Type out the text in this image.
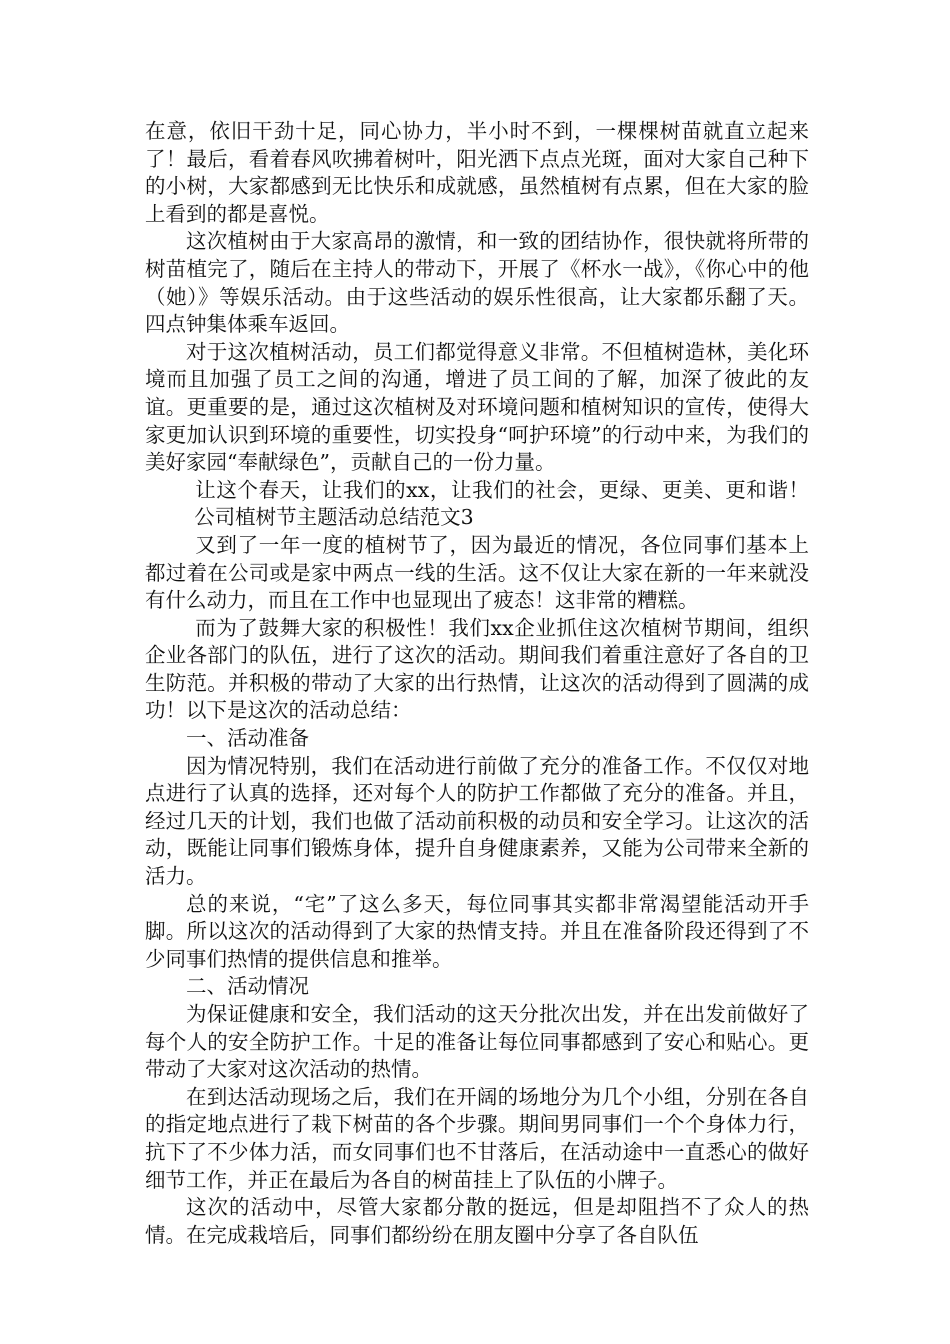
在意，依旧干劲十足，同心协力，半小时不到，一棵棵树苗就直立起来了！最后，看着春风吹拂着树叶，阳光洒下点点光斑，面对大家自己种下的小树，大家都感到无比快乐和成就感，虽然植树有点累，但在大家的脸上看到的都是喜悦。

这次植树由于大家高昂的激情，和一致的团结协作，很快就将所带的树苗植完了，随后在主持人的带动下，开展了《杯水一战》，《你心中的他（她）》等娱乐活动。由于这些活动的娱乐性很高，让大家都乐翻了天。四点钟集体乘车返回。

对于这次植树活动，员工们都觉得意义非常。不但植树造林，美化环境而且加强了员工之间的沟通，增进了员工间的了解，加深了彼此的友谊。更重要的是，通过这次植树及对环境问题和植树知识的宣传，使得大家更加认识到环境的重要性，切实投身“呵护环境”的行动中来，为我们的美好家园“奉献绿色”，贡献自己的一份力量。

让这个春天，让我们的xx，让我们的社会，更绿、更美、更和谐！公司植树节主题活动总结范文3

又到了一年一度的植树节了，因为最近的情况，各位同事们基本上都过着在公司或是家中两点一线的生活。这不仅让大家在新的一年来就没有什么动力，而且在工作中也显现出了疲态！这非常的糟糕。

而为了鼓舞大家的积极性！我们xx企业抓住这次植树节期间，组织企业各部门的队伍，进行了这次的活动。期间我们着重注意好了各自的卫生防范。并积极的带动了大家的出行热情，让这次的活动得到了圆满的成功！以下是这次的活动总结：

一、活动准备

因为情况特别，我们在活动进行前做了充分的准备工作。不仅仅对地点进行了认真的选择，还对每个人的防护工作都做了充分的准备。并且，经过几天的计划，我们也做了活动前积极的动员和安全学习。让这次的活动，既能让同事们锻炼身体，提升自身健康素养，又能为公司带来全新的活力。

总的来说，“宅”了这么多天，每位同事其实都非常渴望能活动开手脚。所以这次的活动得到了大家的热情支持。并且在准备阶段还得到了不少同事们热情的提供信息和推举。

二、活动情况

为保证健康和安全，我们活动的这天分批次出发，并在出发前做好了每个人的安全防护工作。十足的准备让每位同事都感到了安心和贴心。更带动了大家对这次活动的热情。

在到达活动现场之后，我们在开阔的场地分为几个小组，分别在各自的指定地点进行了栽下树苗的各个步骤。期间男同事们一个个身体力行，抗下了不少体力活，而女同事们也不甘落后，在活动途中一直悉心的做好细节工作，并正在最后为各自的树苗挂上了队伍的小牌子。

这次的活动中，尽管大家都分散的挺远，但是却阻挡不了众人的热情。在完成栽培后，同事们都纷纷在朋友圈中分享了各自队伍
